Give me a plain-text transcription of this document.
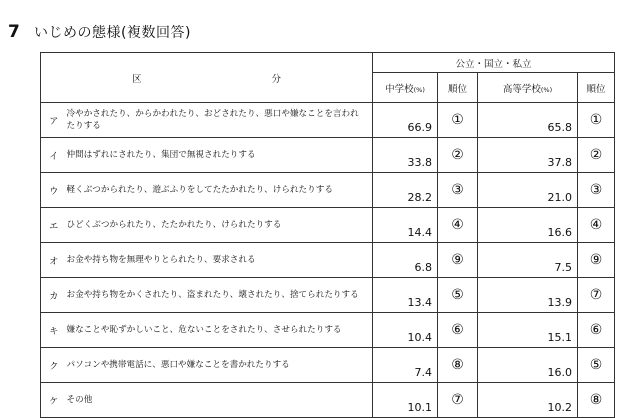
7	いじめの態様(複数回答)
区 分		公立・国立・私立			
		中学校(%)	順位	高等学校(%)	順位
ア	冷やかされたり、からかわれたり、おどされたり、悪口や嫌なことを言われたりする	66.9	①	65.8	①
イ	仲間はずれにされたり、集団で無視されたりする	33.8	②	37.8	②
ウ	軽くぶつかられたり、遊ぶふりをしてたたかれたり、けられたりする	28.2	③	21.0	③
エ	ひどくぶつかられたり、たたかれたり、けられたりする	14.4	④	16.6	④
オ	お金や持ち物を無理やりとられたり、要求される	6.8	⑨	7.5	⑨
カ	お金や持ち物をかくされたり、盗まれたり、壊されたり、捨てられたりする	13.4	⑤	13.9	⑦
キ	嫌なことや恥ずかしいこと、危ないことをされたり、させられたりする	10.4	⑥	15.1	⑥
ク	パソコンや携帯電話に、悪口や嫌なことを書かれたりする	7.4	⑧	16.0	⑤
ケ	その他	10.1	⑦	10.2	⑧
